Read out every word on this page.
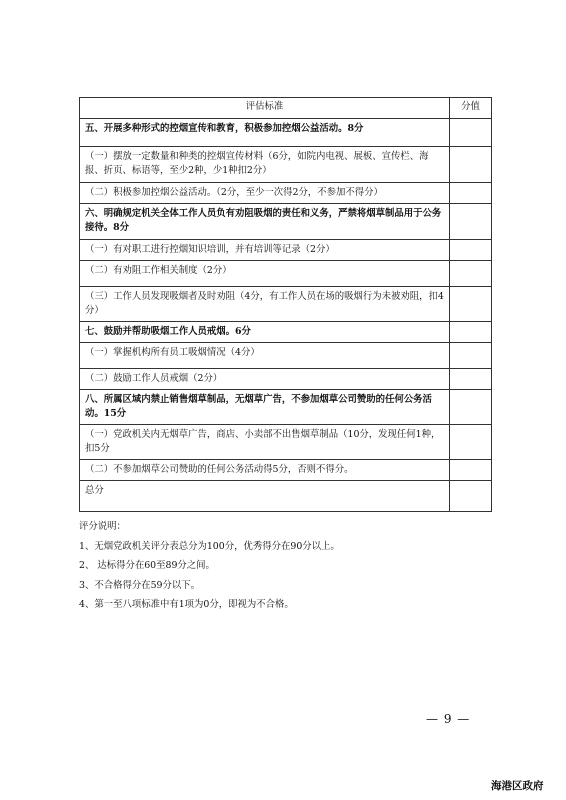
评估标准	分值
五、开展多种形式的控烟宣传和教育，积极参加控烟公益活动。8分	
（一）摆放一定数量和种类的控烟宣传材料（6分，如院内电视、展板、宣传栏、海报、折页、标语等，至少2种，少1种扣2分）	
（二）积极参加控烟公益活动。（2分，至少一次得2分，不参加不得分）	
六、明确规定机关全体工作人员负有劝阻吸烟的责任和义务，严禁将烟草制品用于公务接待。8分	
（一）有对职工进行控烟知识培训，并有培训等记录（2分）	
（二）有劝阻工作相关制度（2分）	
（三）工作人员发现吸烟者及时劝阻（4分，有工作人员在场的吸烟行为未被劝阻，扣4分）	
七、鼓励并帮助吸烟工作人员戒烟。6分	
（一）掌握机构所有员工吸烟情况（4分）	
（二）鼓励工作人员戒烟（2分）	
八、所属区域内禁止销售烟草制品，无烟草广告，不参加烟草公司赞助的任何公务活动。15分	
（一）党政机关内无烟草广告，商店、小卖部不出售烟草制品（10分，发现任何1种，扣5分	
（二）不参加烟草公司赞助的任何公务活动得5分，否则不得分。	
总分	
评分说明：
1、无烟党政机关评分表总分为100分，优秀得分在90分以上。
2、 达标得分在60至89分之间。
3、不合格得分在59分以下。
4、第一至八项标准中有1项为0分，即视为不合格。
— 9 —
海港区政府
